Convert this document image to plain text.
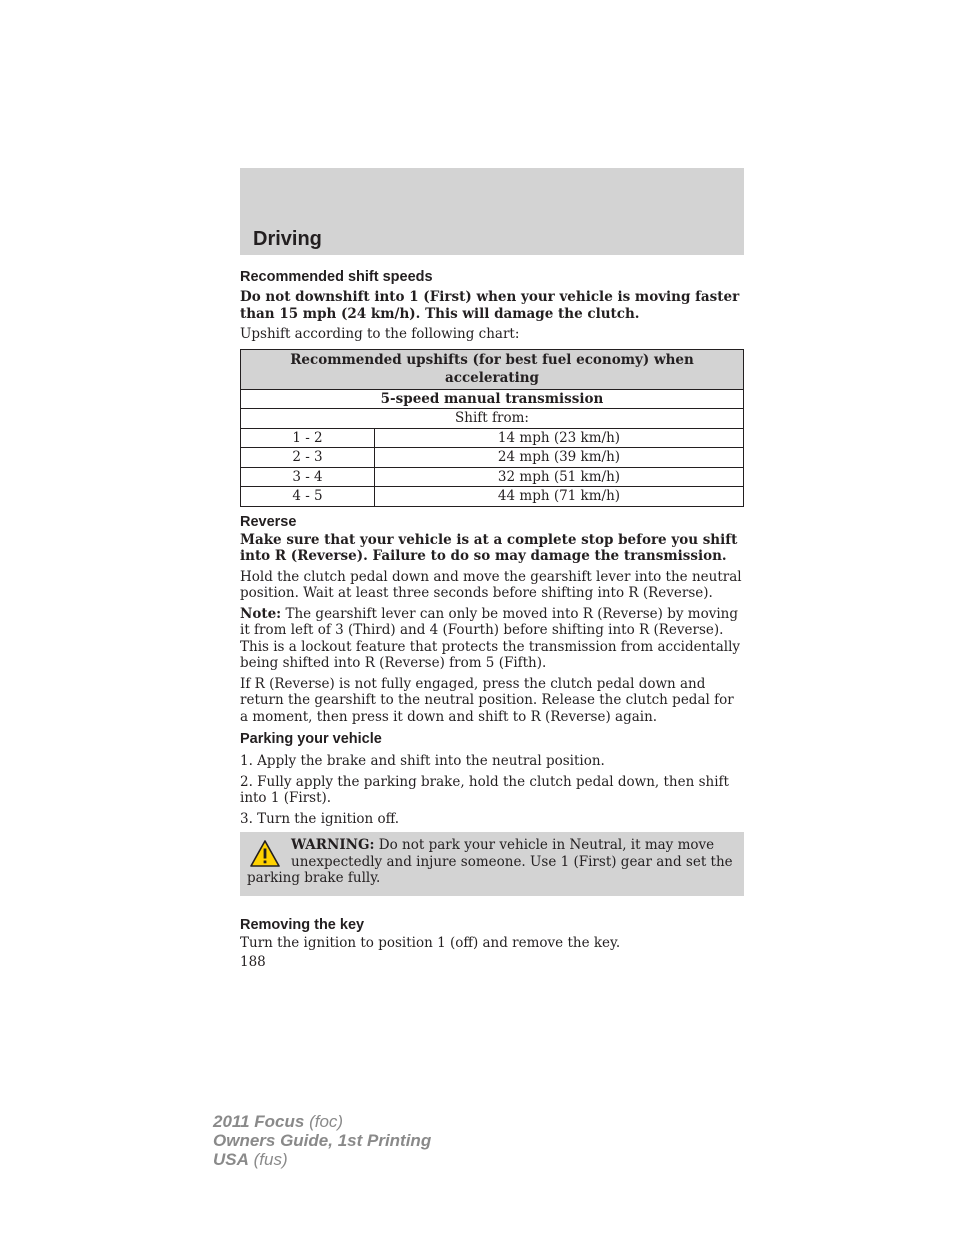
Driving
Recommended shift speeds

Do not downshift into 1 (First) when your vehicle is moving faster than 15 mph (24 km/h). This will damage the clutch.

Upshift according to the following chart:

Recommended upshifts (for best fuel economy) when accelerating	
5-speed manual transmission	
Shift from:	
1 - 2	14 mph (23 km/h)
2 - 3	24 mph (39 km/h)
3 - 4	32 mph (51 km/h)
4 - 5	44 mph (71 km/h)
Reverse

Make sure that your vehicle is at a complete stop before you shift into R (Reverse). Failure to do so may damage the transmission.

Hold the clutch pedal down and move the gearshift lever into the neutral position. Wait at least three seconds before shifting into R (Reverse).

Note: The gearshift lever can only be moved into R (Reverse) by moving it from left of 3 (Third) and 4 (Fourth) before shifting into R (Reverse). This is a lockout feature that protects the transmission from accidentally being shifted into R (Reverse) from 5 (Fifth).

If R (Reverse) is not fully engaged, press the clutch pedal down and return the gearshift to the neutral position. Release the clutch pedal for a moment, then press it down and shift to R (Reverse) again.

Parking your vehicle

1. Apply the brake and shift into the neutral position.

2. Fully apply the parking brake, hold the clutch pedal down, then shift into 1 (First).

3. Turn the ignition off.

WARNING: Do not park your vehicle in Neutral, it may move unexpectedly and injure someone. Use 1 (First) gear and set the parking brake fully.

Removing the key

Turn the ignition to position 1 (off) and remove the key.

188

2011 Focus (foc)
Owners Guide, 1st Printing
USA (fus)
